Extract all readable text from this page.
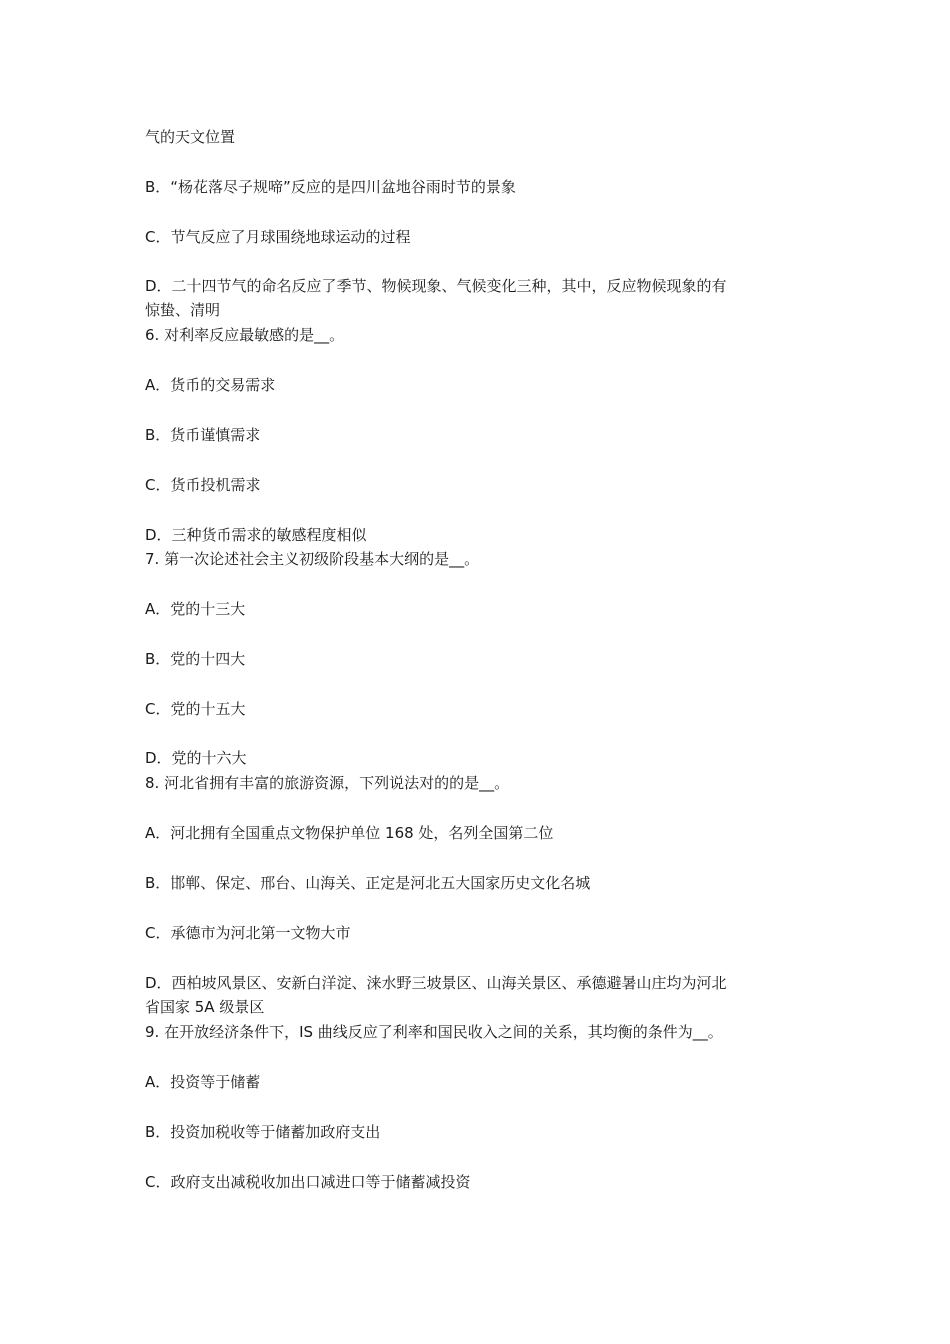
气的天文位置
B．“杨花落尽子规啼”反应的是四川盆地谷雨时节的景象
C．节气反应了月球围绕地球运动的过程
D．二十四节气的命名反应了季节、物候现象、气候变化三种，其中，反应物候现象的有
惊蛰、清明
6. 对利率反应最敏感的是__。
A．货币的交易需求
B．货币谨慎需求
C．货币投机需求
D．三种货币需求的敏感程度相似
7. 第一次论述社会主义初级阶段基本大纲的是__。
A．党的十三大
B．党的十四大
C．党的十五大
D．党的十六大
8. 河北省拥有丰富的旅游资源，下列说法对的的是__。
A．河北拥有全国重点文物保护单位 168 处，名列全国第二位
B．邯郸、保定、邢台、山海关、正定是河北五大国家历史文化名城
C．承德市为河北第一文物大市
D．西柏坡风景区、安新白洋淀、涞水野三坡景区、山海关景区、承德避暑山庄均为河北
省国家 5A 级景区
9. 在开放经济条件下，IS 曲线反应了利率和国民收入之间的关系，其均衡的条件为__。
A．投资等于储蓄
B．投资加税收等于储蓄加政府支出
C．政府支出减税收加出口减进口等于储蓄减投资
